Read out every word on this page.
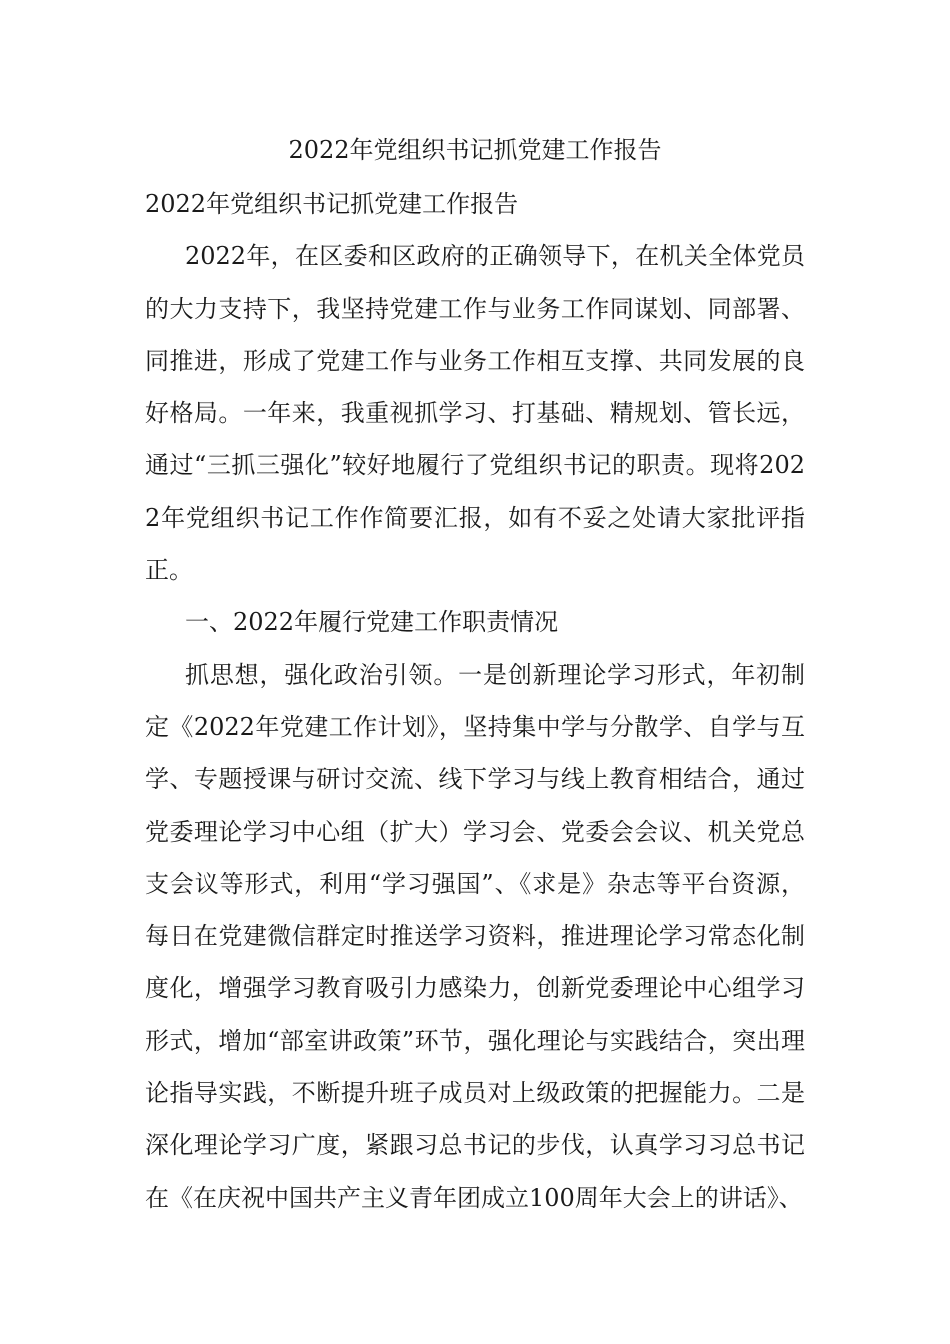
2022年党组织书记抓党建工作报告

2022年党组织书记抓党建工作报告

2022年，在区委和区政府的正确领导下，在机关全体党员的大力支持下，我坚持党建工作与业务工作同谋划、同部署、同推进，形成了党建工作与业务工作相互支撑、共同发展的良好格局。一年来，我重视抓学习、打基础、精规划、管长远，通过“三抓三强化”较好地履行了党组织书记的职责。现将2022年党组织书记工作作简要汇报，如有不妥之处请大家批评指正。

一、2022年履行党建工作职责情况

抓思想，强化政治引领。一是创新理论学习形式，年初制定《2022年党建工作计划》，坚持集中学与分散学、自学与互学、专题授课与研讨交流、线下学习与线上教育相结合，通过党委理论学习中心组（扩大）学习会、党委会会议、机关党总支会议等形式，利用“学习强国”、《求是》杂志等平台资源，每日在党建微信群定时推送学习资料，推进理论学习常态化制度化，增强学习教育吸引力感染力，创新党委理论中心组学习形式，增加“部室讲政策”环节，强化理论与实践结合，突出理论指导实践，不断提升班子成员对上级政策的把握能力。二是深化理论学习广度，紧跟习总书记的步伐，认真学习习总书记在《在庆祝中国共产主义青年团成立100周年大会上的讲话》、
